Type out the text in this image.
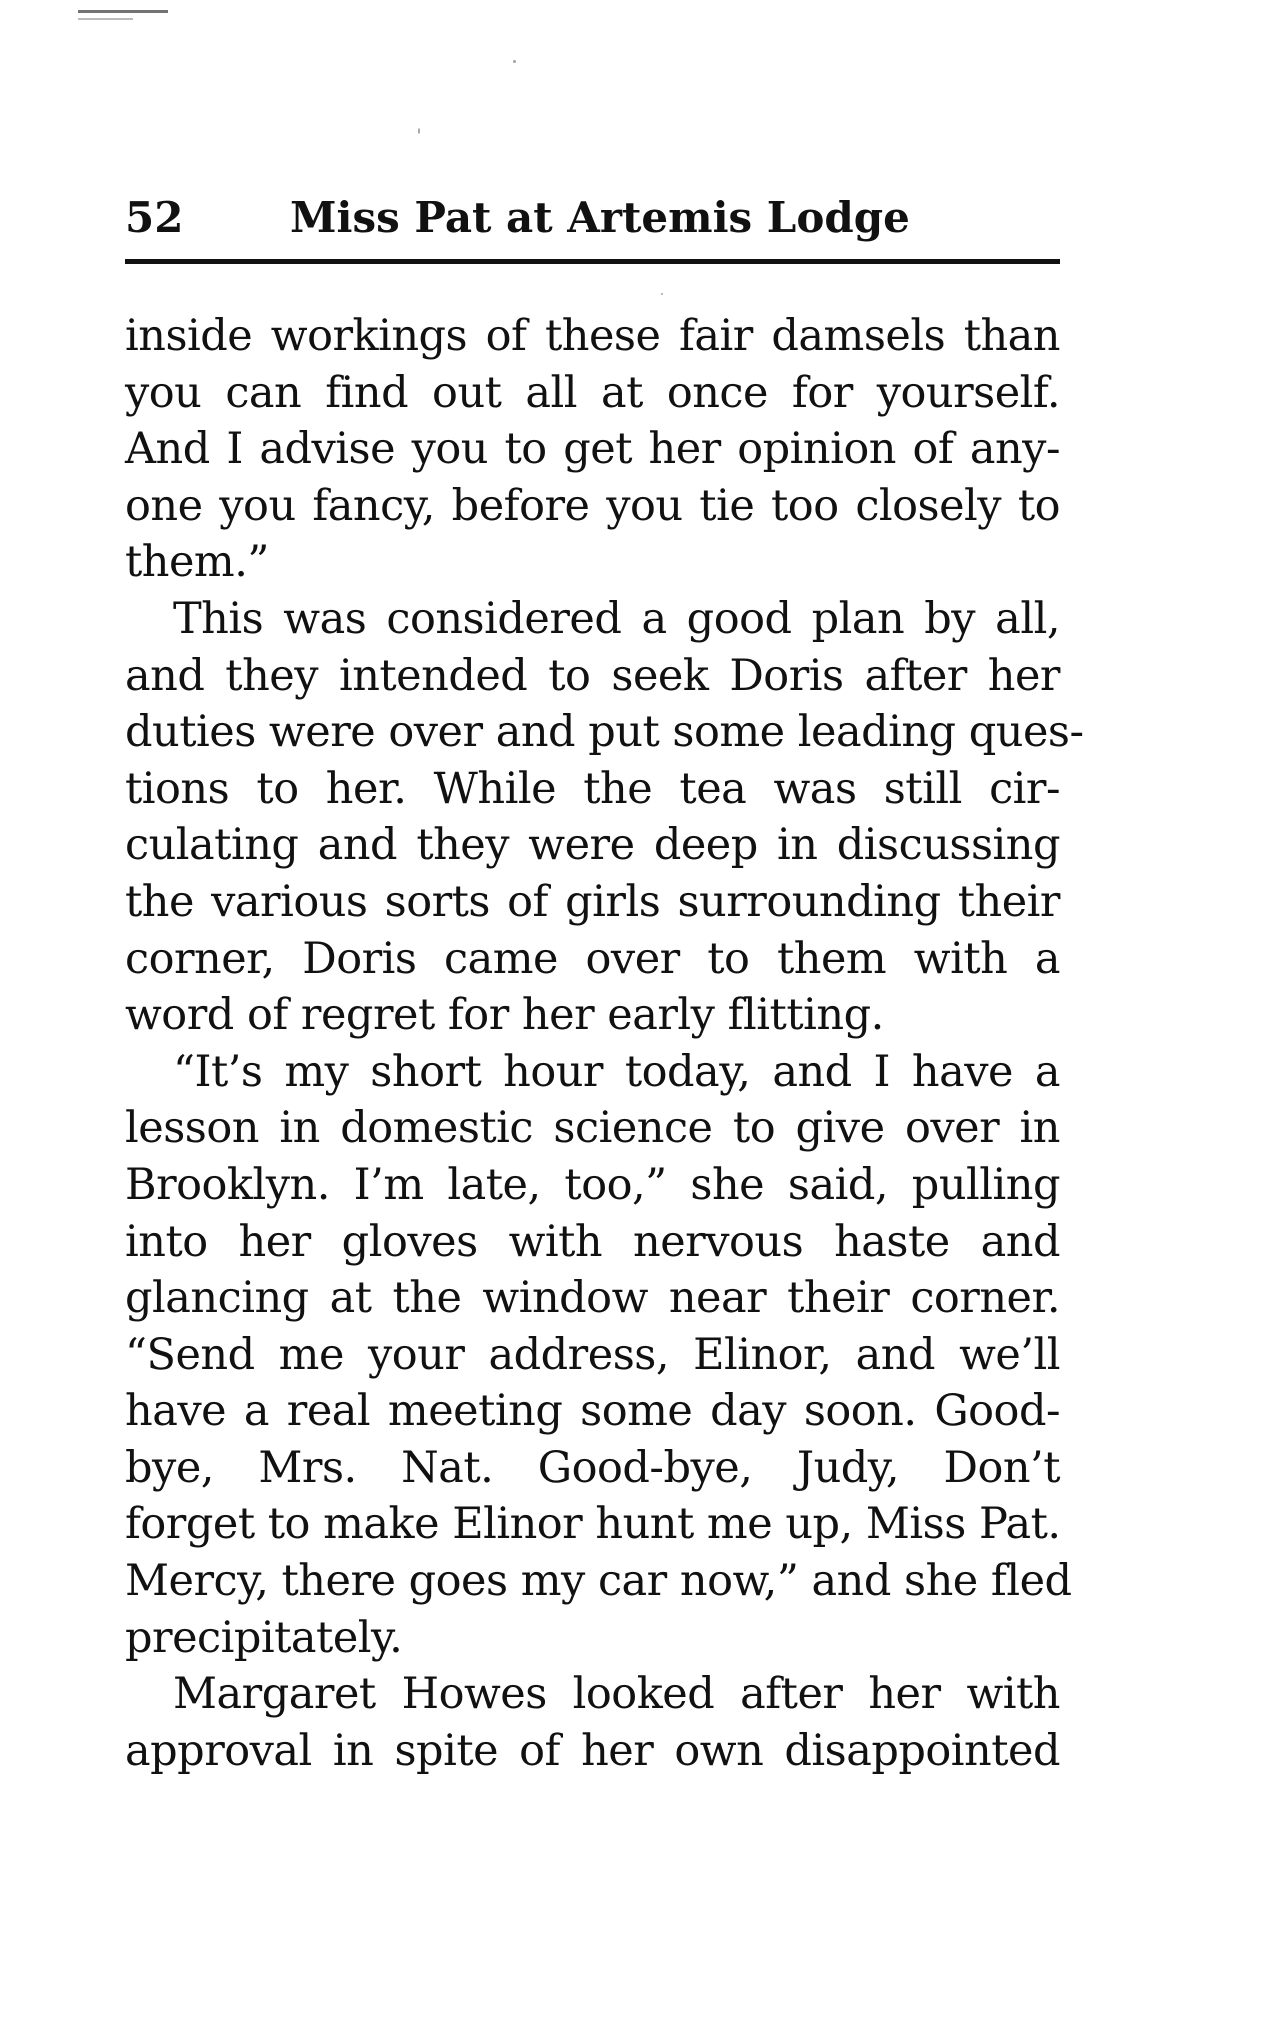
52	Miss Pat at Artemis Lodge
inside workings of these fair damsels than
you can find out all at once for yourself.
And I advise you to get her opinion of any-
one you fancy, before you tie too closely to
them.”
This was considered a good plan by all,
and they intended to seek Doris after her
duties were over and put some leading ques-
tions to her. While the tea was still cir-
culating and they were deep in discussing
the various sorts of girls surrounding their
corner, Doris came over to them with a
word of regret for her early flitting.
“It’s my short hour today, and I have a
lesson in domestic science to give over in
Brooklyn. I’m late, too,” she said, pulling
into her gloves with nervous haste and
glancing at the window near their corner.
“Send me your address, Elinor, and we’ll
have a real meeting some day soon. Good-
bye, Mrs. Nat. Good-bye, Judy, Don’t
forget to make Elinor hunt me up, Miss Pat.
Mercy, there goes my car now,” and she fled
precipitately.
Margaret Howes looked after her with
approval in spite of her own disappointed
